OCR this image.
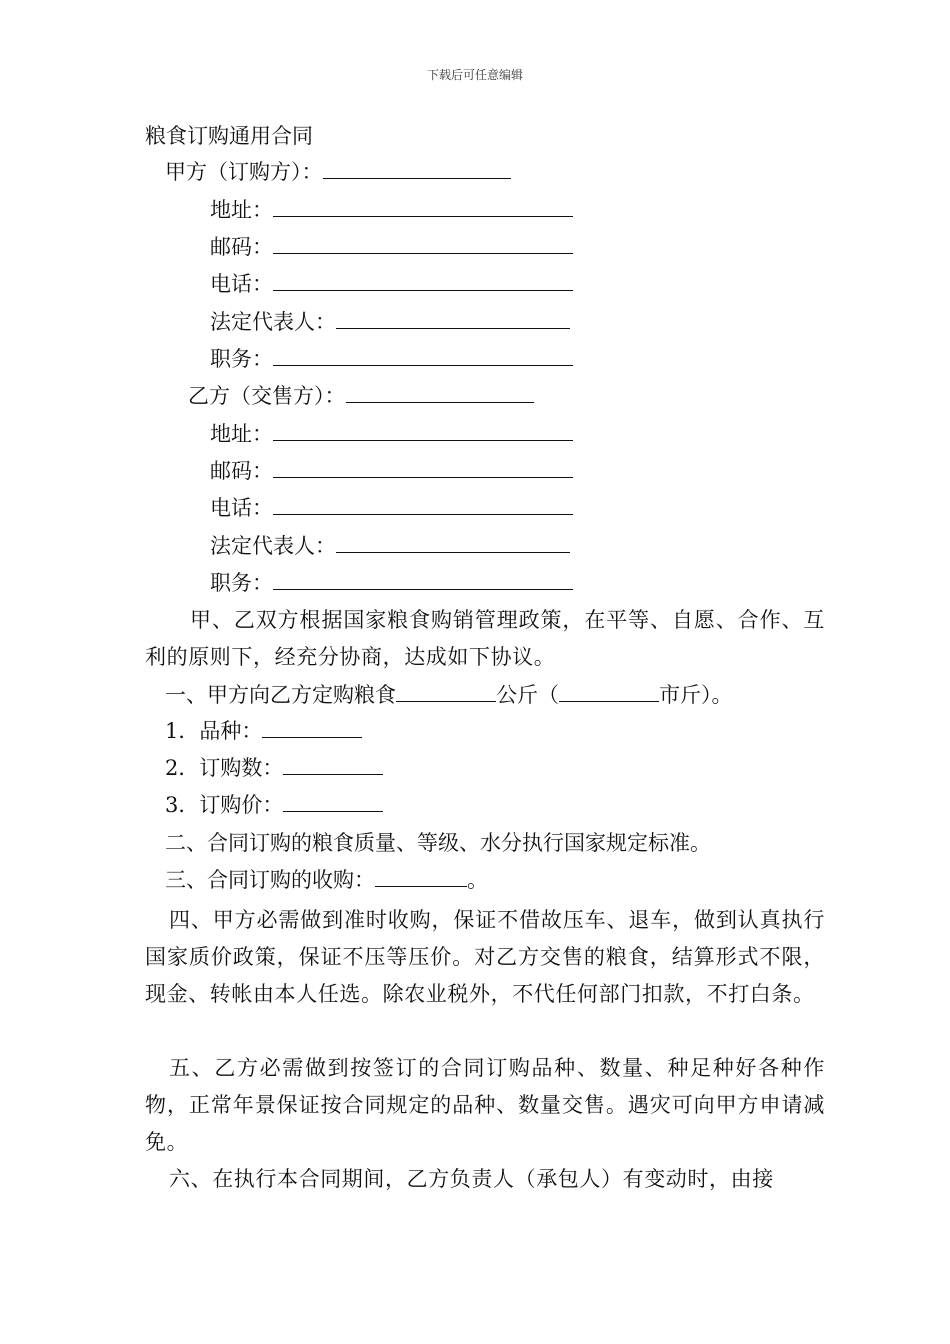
下载后可任意编辑
粮食订购通用合同
甲方（订购方）：
地址：
邮码：
电话：
法定代表人：
职务：
乙方（交售方）：
地址：
邮码：
电话：
法定代表人：
职务：
甲、乙双方根据国家粮食购销管理政策，在平等、自愿、合作、互利的原则下，经充分协商，达成如下协议。
一、甲方向乙方定购粮食	公斤（	市斤）。
1．品种：
2．订购数：
3．订购价：
二、合同订购的粮食质量、等级、水分执行国家规定标准。
三、合同订购的收购：	。
四、甲方必需做到准时收购，保证不借故压车、退车，做到认真执行国家质价政策，保证不压等压价。对乙方交售的粮食，结算形式不限，现金、转帐由本人任选。除农业税外，不代任何部门扣款，不打白条。
五、乙方必需做到按签订的合同订购品种、数量、种足种好各种作物，正常年景保证按合同规定的品种、数量交售。遇灾可向甲方申请减免。
六、在执行本合同期间，乙方负责人（承包人）有变动时，由接
